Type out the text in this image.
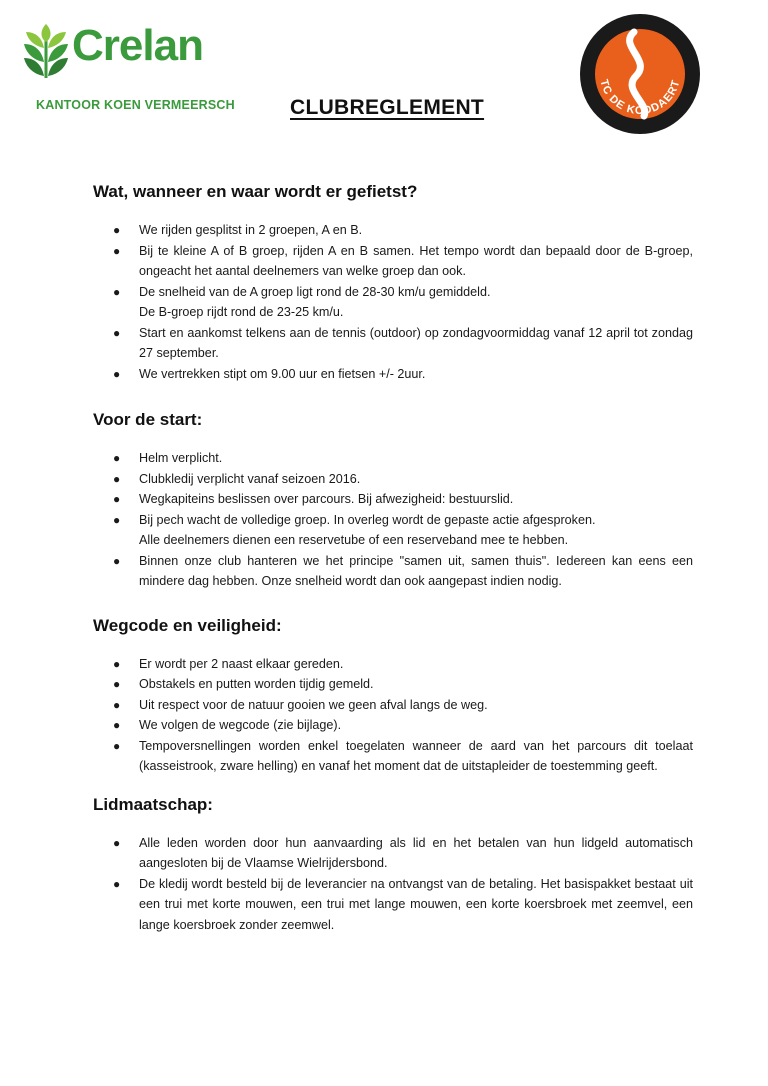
Crelan
KANTOOR KOEN VERMEERSCH	CLUBREGLEMENT
TC DE KODDAERT
Wat, wanneer en waar wordt er gefietst?
● We rijden gesplitst in 2 groepen, A en B.
● Bij te kleine A of B groep, rijden A en B samen. Het tempo wordt dan bepaald door de B-groep, ongeacht het aantal deelnemers van welke groep dan ook.
● De snelheid van de A groep ligt rond de 28-30 km/u gemiddeld.
De B-groep rijdt rond de 23-25 km/u.
● Start en aankomst telkens aan de tennis (outdoor) op zondagvoormiddag vanaf 12 april tot zondag 27 september.
● We vertrekken stipt om 9.00 uur en fietsen +/- 2uur.
Voor de start:
● Helm verplicht.
● Clubkledij verplicht vanaf seizoen 2016.
● Wegkapiteins beslissen over parcours. Bij afwezigheid: bestuurslid.
● Bij pech wacht de volledige groep. In overleg wordt de gepaste actie afgesproken.
Alle deelnemers dienen een reservetube of een reserveband mee te hebben.
● Binnen onze club hanteren we het principe "samen uit, samen thuis". Iedereen kan eens een mindere dag hebben. Onze snelheid wordt dan ook aangepast indien nodig.
Wegcode en veiligheid:
● Er wordt per 2 naast elkaar gereden.
● Obstakels en putten worden tijdig gemeld.
● Uit respect voor de natuur gooien we geen afval langs de weg.
● We volgen de wegcode (zie bijlage).
● Tempoversnellingen worden enkel toegelaten wanneer de aard van het parcours dit toelaat (kasseistrook, zware helling) en vanaf het moment dat de uitstapleider de toestemming geeft.
Lidmaatschap:
● Alle leden worden door hun aanvaarding als lid en het betalen van hun lidgeld automatisch aangesloten bij de Vlaamse Wielrijdersbond.
● De kledij wordt besteld bij de leverancier na ontvangst van de betaling. Het basispakket bestaat uit een trui met korte mouwen, een trui met lange mouwen, een korte koersbroek met zeemvel, een lange koersbroek zonder zeemwel.
